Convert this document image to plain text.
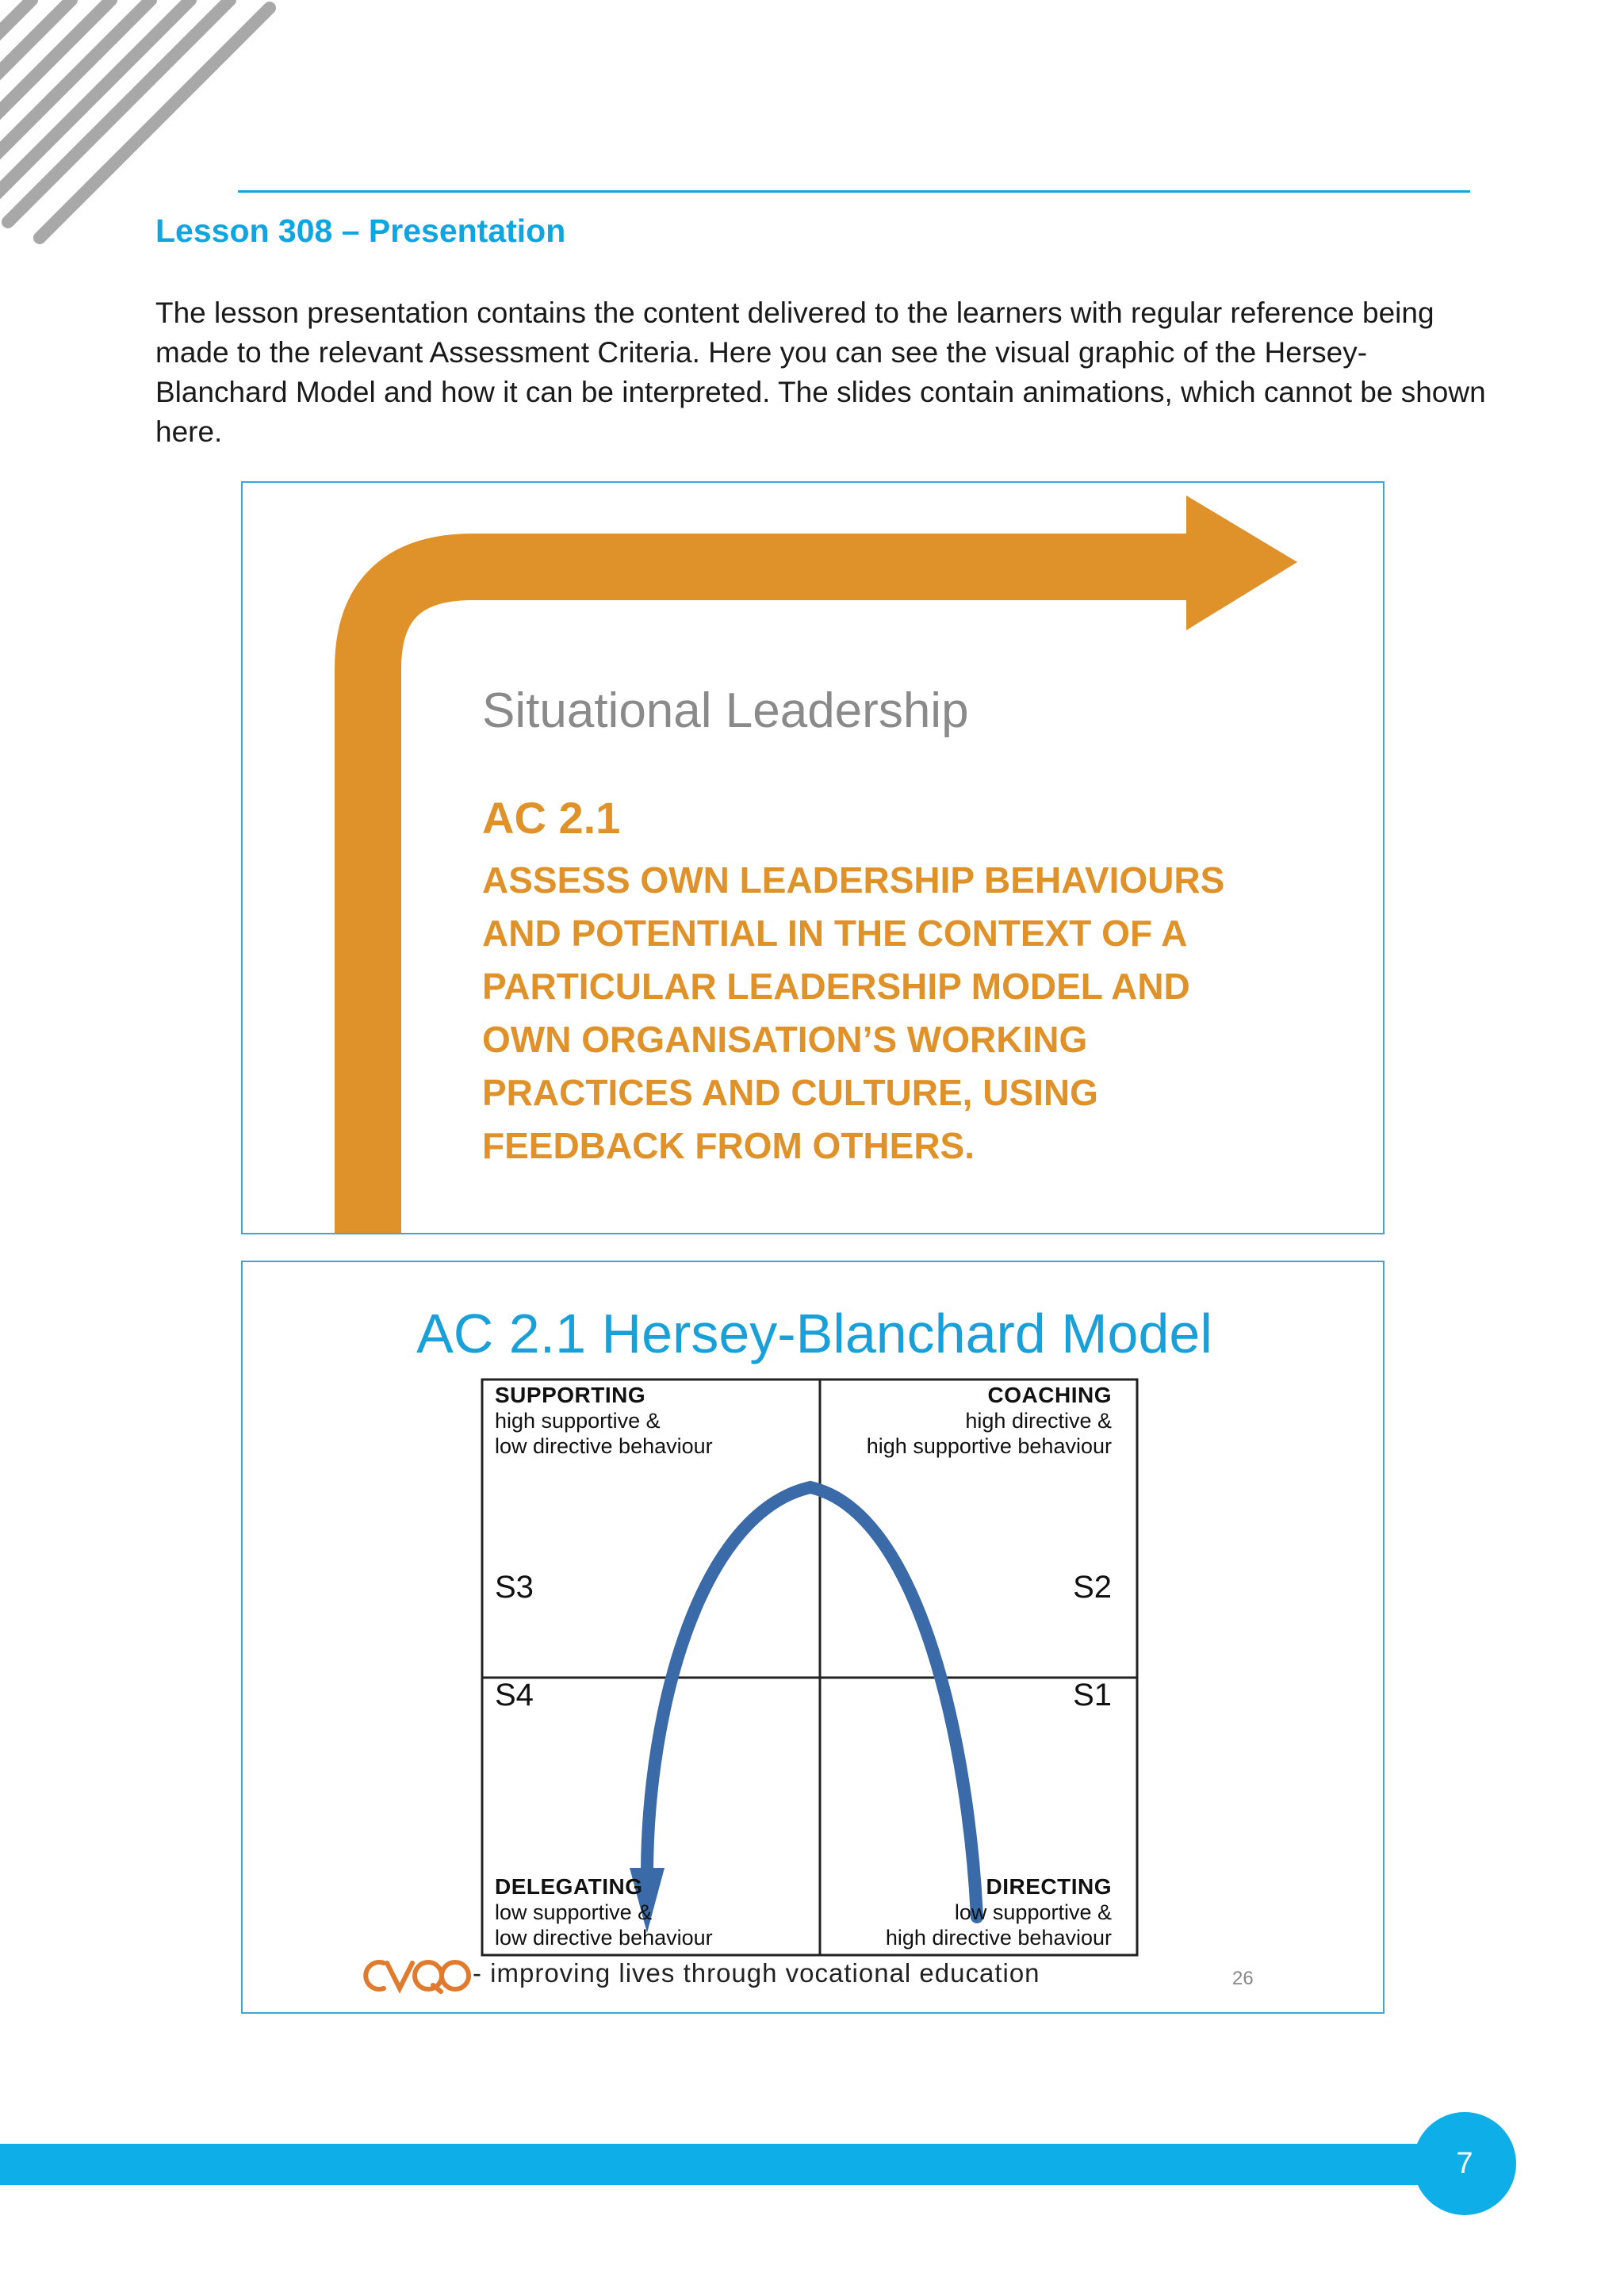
Lesson 308 – Presentation
The lesson presentation contains the content delivered to the learners with regular reference being made to the relevant Assessment Criteria. Here you can see the visual graphic of the Hersey-Blanchard Model and how it can be interpreted. The slides contain animations, which cannot be shown here.
Situational Leadership
AC 2.1
ASSESS OWN LEADERSHIP BEHAVIOURS AND POTENTIAL IN THE CONTEXT OF A PARTICULAR LEADERSHIP MODEL AND OWN ORGANISATION’S WORKING PRACTICES AND CULTURE, USING FEEDBACK FROM OTHERS.
AC 2.1 Hersey-Blanchard Model
SUPPORTING
high supportive &
low directive behaviour
COACHING
high directive &
high supportive behaviour
DELEGATING
low supportive &
low directive behaviour
DIRECTING
low supportive &
high directive behaviour
S3	S2
S4	S1
- improving lives through vocational education	26
7
